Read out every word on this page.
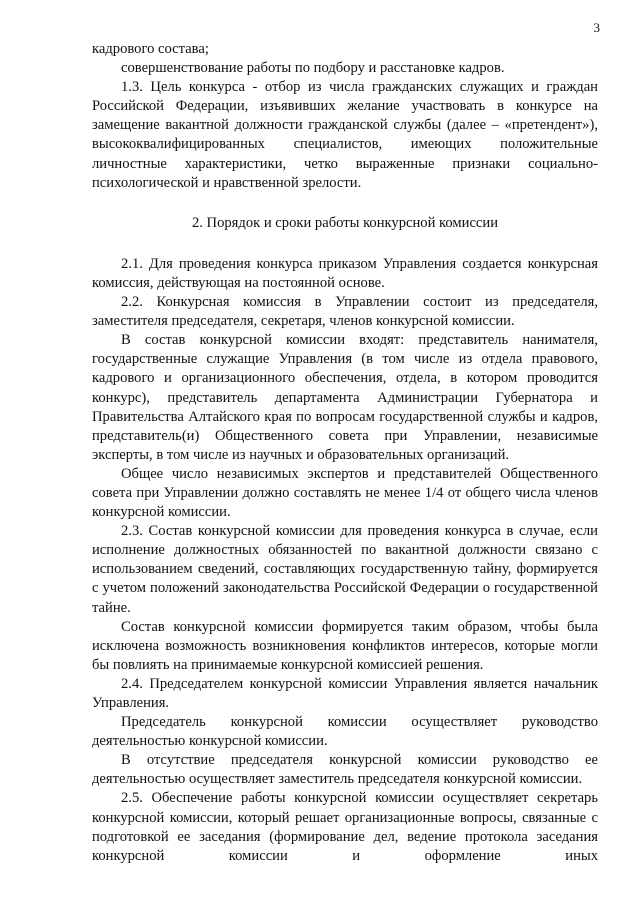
3

кадрового состава;

совершенствование работы по подбору и расстановке кадров.

1.3. Цель конкурса - отбор из числа гражданских служащих и граждан Российской Федерации, изъявивших желание участвовать в конкурсе на замещение вакантной должности гражданской службы (далее – «претендент»), высококвалифицированных специалистов, имеющих положительные личностные характеристики, четко выраженные признаки социально-психологической и нравственной зрелости.

2. Порядок и сроки работы конкурсной комиссии

2.1. Для проведения конкурса приказом Управления создается конкурсная комиссия, действующая на постоянной основе.

2.2. Конкурсная комиссия в Управлении состоит из председателя, заместителя председателя, секретаря, членов конкурсной комиссии.

В состав конкурсной комиссии входят: представитель нанимателя, государственные служащие Управления (в том числе из отдела правового, кадрового и организационного обеспечения, отдела, в котором проводится конкурс), представитель департамента Администрации Губернатора и Правительства Алтайского края по вопросам государственной службы и кадров, представитель(и) Общественного совета при Управлении, независимые эксперты, в том числе из научных и образовательных организаций.

Общее число независимых экспертов и представителей Общественного совета при Управлении должно составлять не менее 1/4 от общего числа членов конкурсной комиссии.

2.3. Состав конкурсной комиссии для проведения конкурса в случае, если исполнение должностных обязанностей по вакантной должности связано с использованием сведений, составляющих государственную тайну, формируется с учетом положений законодательства Российской Федерации о государственной тайне.

Состав конкурсной комиссии формируется таким образом, чтобы была исключена возможность возникновения конфликтов интересов, которые могли бы повлиять на принимаемые конкурсной комиссией решения.

2.4. Председателем конкурсной комиссии Управления является начальник Управления.

Председатель конкурсной комиссии осуществляет руководство деятельностью конкурсной комиссии.

В отсутствие председателя конкурсной комиссии руководство ее деятельностью осуществляет заместитель председателя конкурсной комиссии.

2.5. Обеспечение работы конкурсной комиссии осуществляет секретарь конкурсной комиссии, который решает организационные вопросы, связанные с подготовкой ее заседания (формирование дел, ведение протокола заседания конкурсной комиссии и оформление иных
